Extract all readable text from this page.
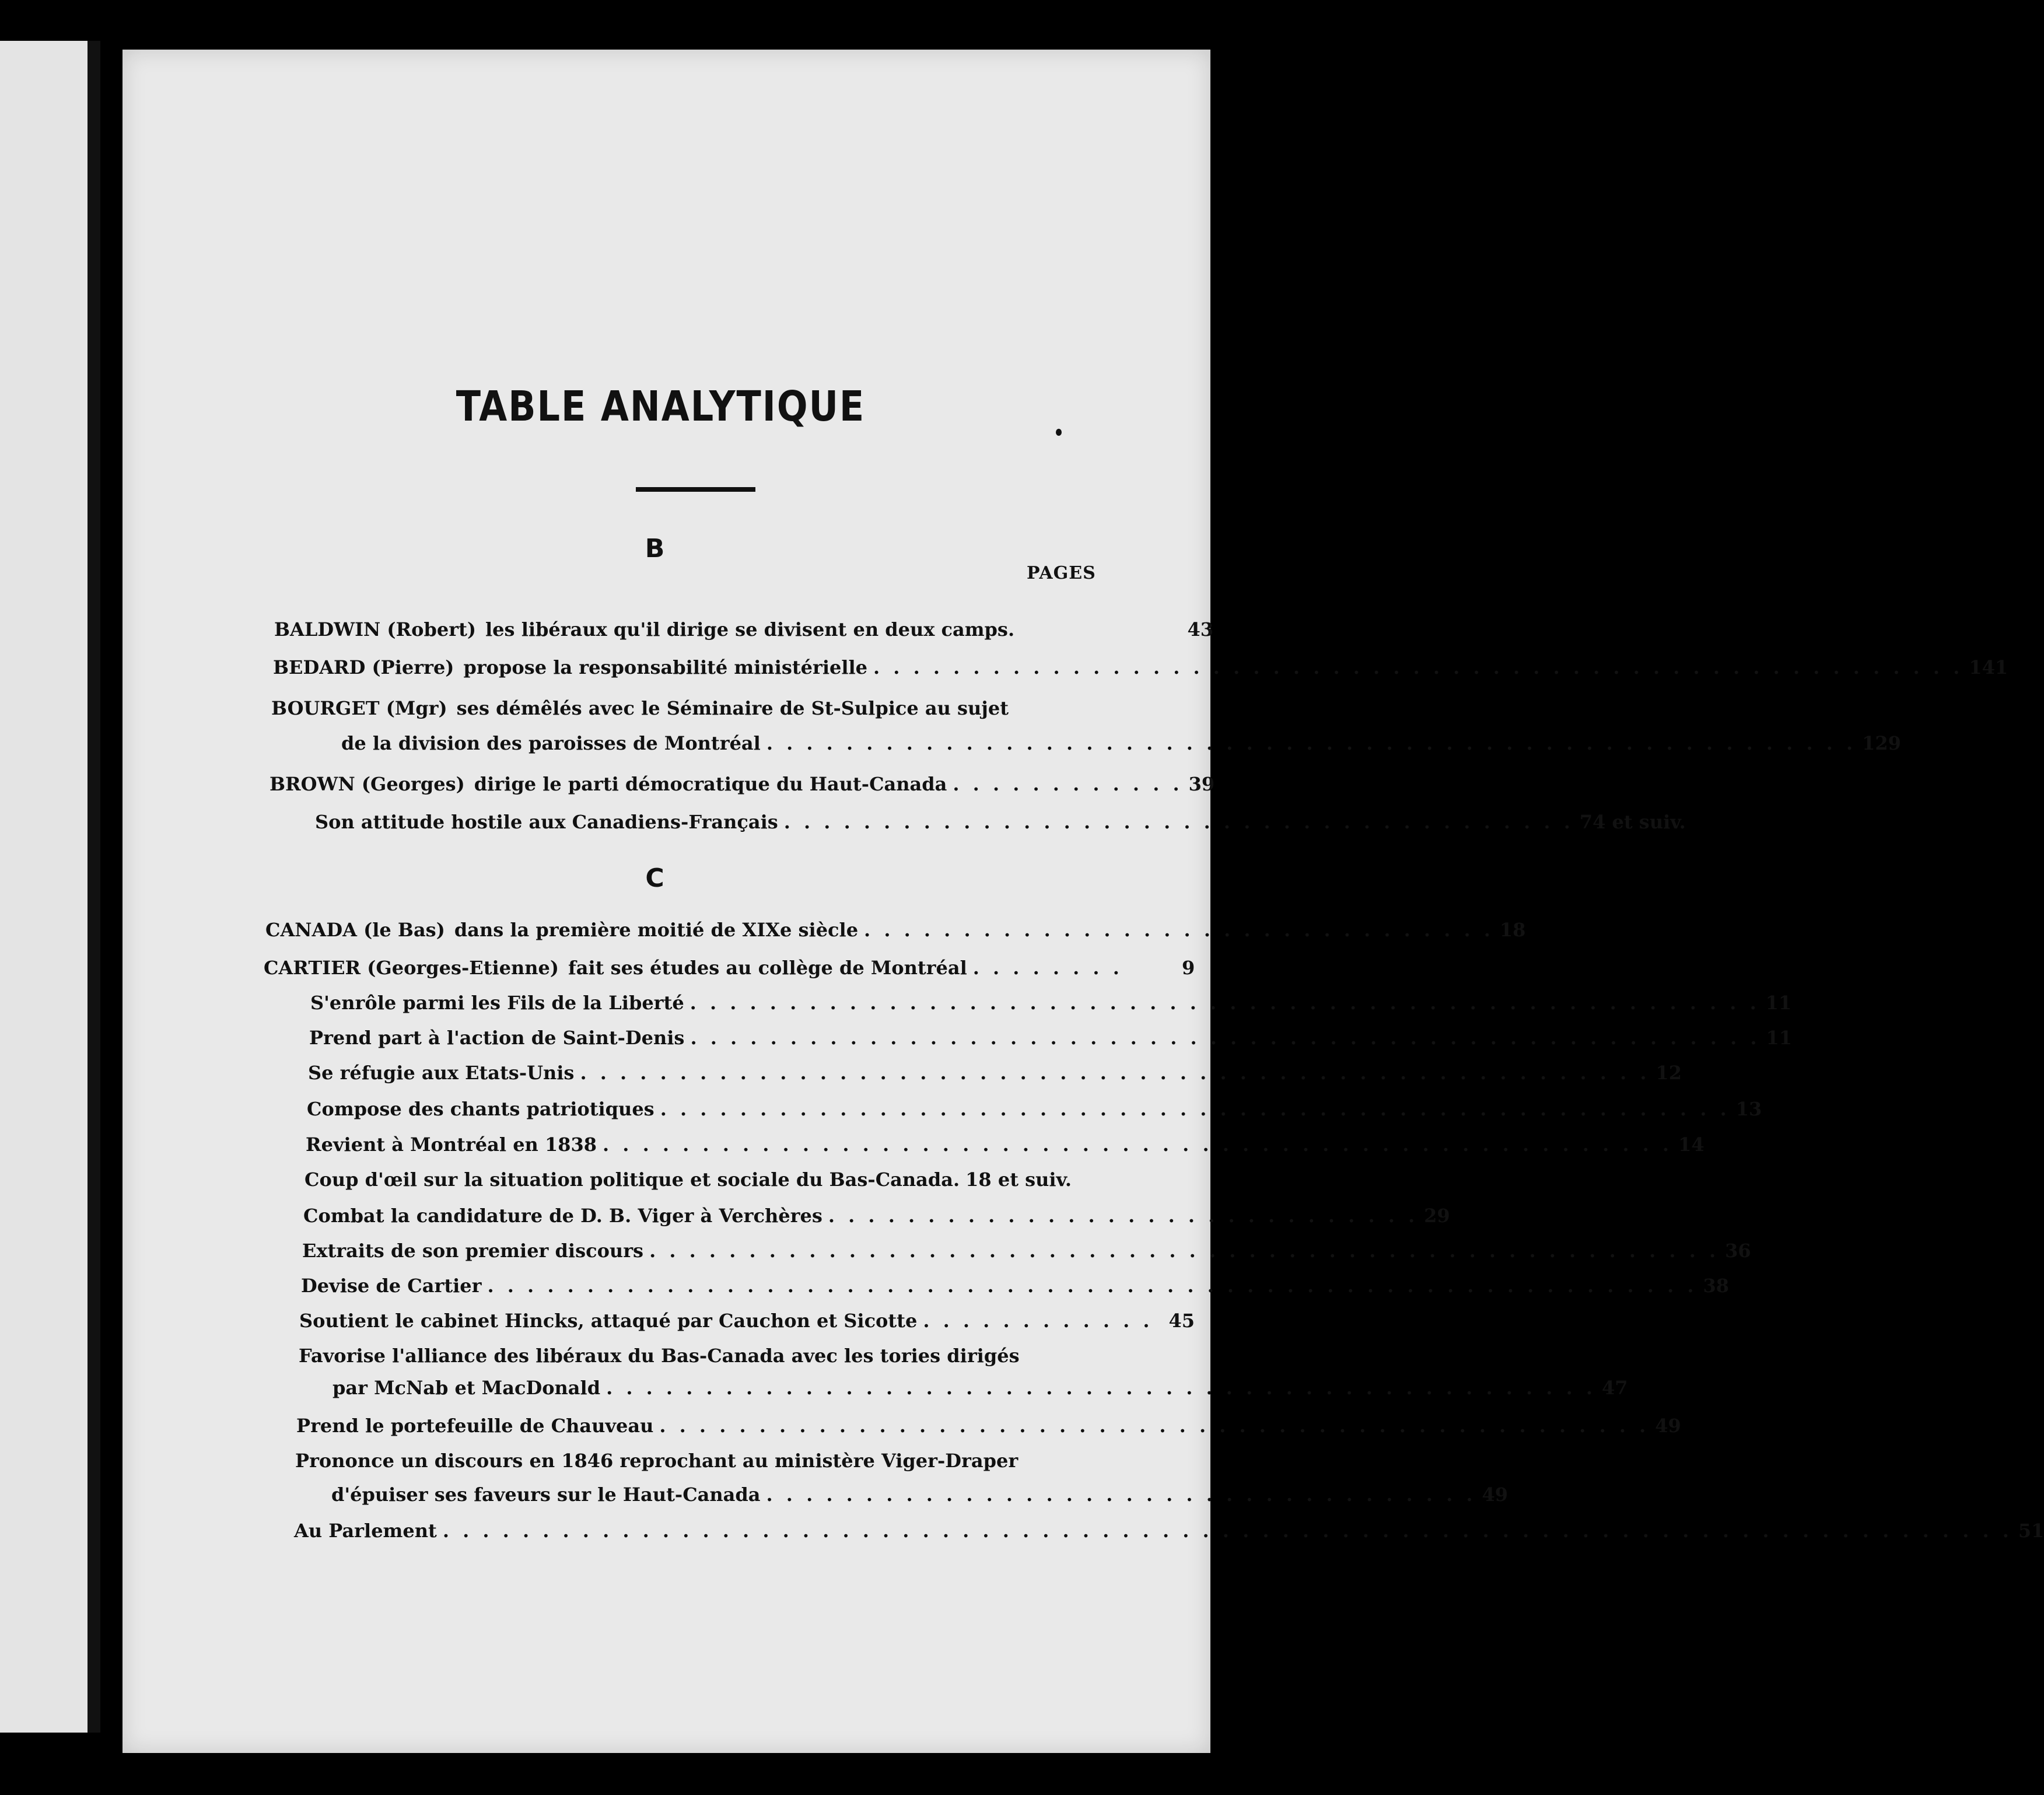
TABLE ANALYTIQUE
B
PAGES
BALDWIN (Robert) les libéraux qu'il dirige se divisent en deux camps.	43
BEDARD (Pierre) propose la responsabilité ministérielle . . . . . . . . . . . . . . . . . . . . . . . . . . . . . . . . . . . . . . . . . . . . . . . . . . . . . . . 141
BOURGET (Mgr) ses démêlés avec le Séminaire de St-Sulpice au sujet
de la division des paroisses de Montréal . . . . . . . . . . . . . . . . . . . . . . . . . . . . . . . . . . . . . . . . . . . . . . . . . . . . . . . 129
BROWN (Georges) dirige le parti démocratique du Haut-Canada . . . . . . . . . . . . 39
Son attitude hostile aux Canadiens-Français . . . . . . . . . . . . . . . . . . . . . . . . . . . . . . . . . . . . . . . . 74 et suiv.
C
CANADA (le Bas) dans la première moitié de XIXe siècle . . . . . . . . . . . . . . . . . . . . . . . . . . . . . . . . 18
CARTIER (Georges-Etienne) fait ses études au collège de Montréal . . . . . . . .	9
S'enrôle parmi les Fils de la Liberté . . . . . . . . . . . . . . . . . . . . . . . . . . . . . . . . . . . . . . . . . . . . . . . . . . . . . . 11
Prend part à l'action de Saint-Denis . . . . . . . . . . . . . . . . . . . . . . . . . . . . . . . . . . . . . . . . . . . . . . . . . . . . . . 11
Se réfugie aux Etats-Unis . . . . . . . . . . . . . . . . . . . . . . . . . . . . . . . . . . . . . . . . . . . . . . . . . . . . . . 12
Compose des chants patriotiques . . . . . . . . . . . . . . . . . . . . . . . . . . . . . . . . . . . . . . . . . . . . . . . . . . . . . . 13
Revient à Montréal en 1838 . . . . . . . . . . . . . . . . . . . . . . . . . . . . . . . . . . . . . . . . . . . . . . . . . . . . . . 14
Coup d'œil sur la situation politique et sociale du Bas-Canada. 18 et suiv.
Combat la candidature de D. B. Viger à Verchères . . . . . . . . . . . . . . . . . . . . . . . . . . . . . . 29
Extraits de son premier discours . . . . . . . . . . . . . . . . . . . . . . . . . . . . . . . . . . . . . . . . . . . . . . . . . . . . . . 36
Devise de Cartier . . . . . . . . . . . . . . . . . . . . . . . . . . . . . . . . . . . . . . . . . . . . . . . . . . . . . . . . . . . . . 38
Soutient le cabinet Hincks, attaqué par Cauchon et Sicotte . . . . . . . . . . . . 45
Favorise l'alliance des libéraux du Bas-Canada avec les tories dirigés
par McNab et MacDonald . . . . . . . . . . . . . . . . . . . . . . . . . . . . . . . . . . . . . . . . . . . . . . . . . . 47
Prend le portefeuille de Chauveau . . . . . . . . . . . . . . . . . . . . . . . . . . . . . . . . . . . . . . . . . . . . . . . . . . 49
Prononce un discours en 1846 reprochant au ministère Viger-Draper
d'épuiser ses faveurs sur le Haut-Canada . . . . . . . . . . . . . . . . . . . . . . . . . . . . . . . . . . . . 49
Au Parlement . . . . . . . . . . . . . . . . . . . . . . . . . . . . . . . . . . . . . . . . . . . . . . . . . . . . . . . . . . . . . . . . . . . . . . . . . . . . . . . 51
